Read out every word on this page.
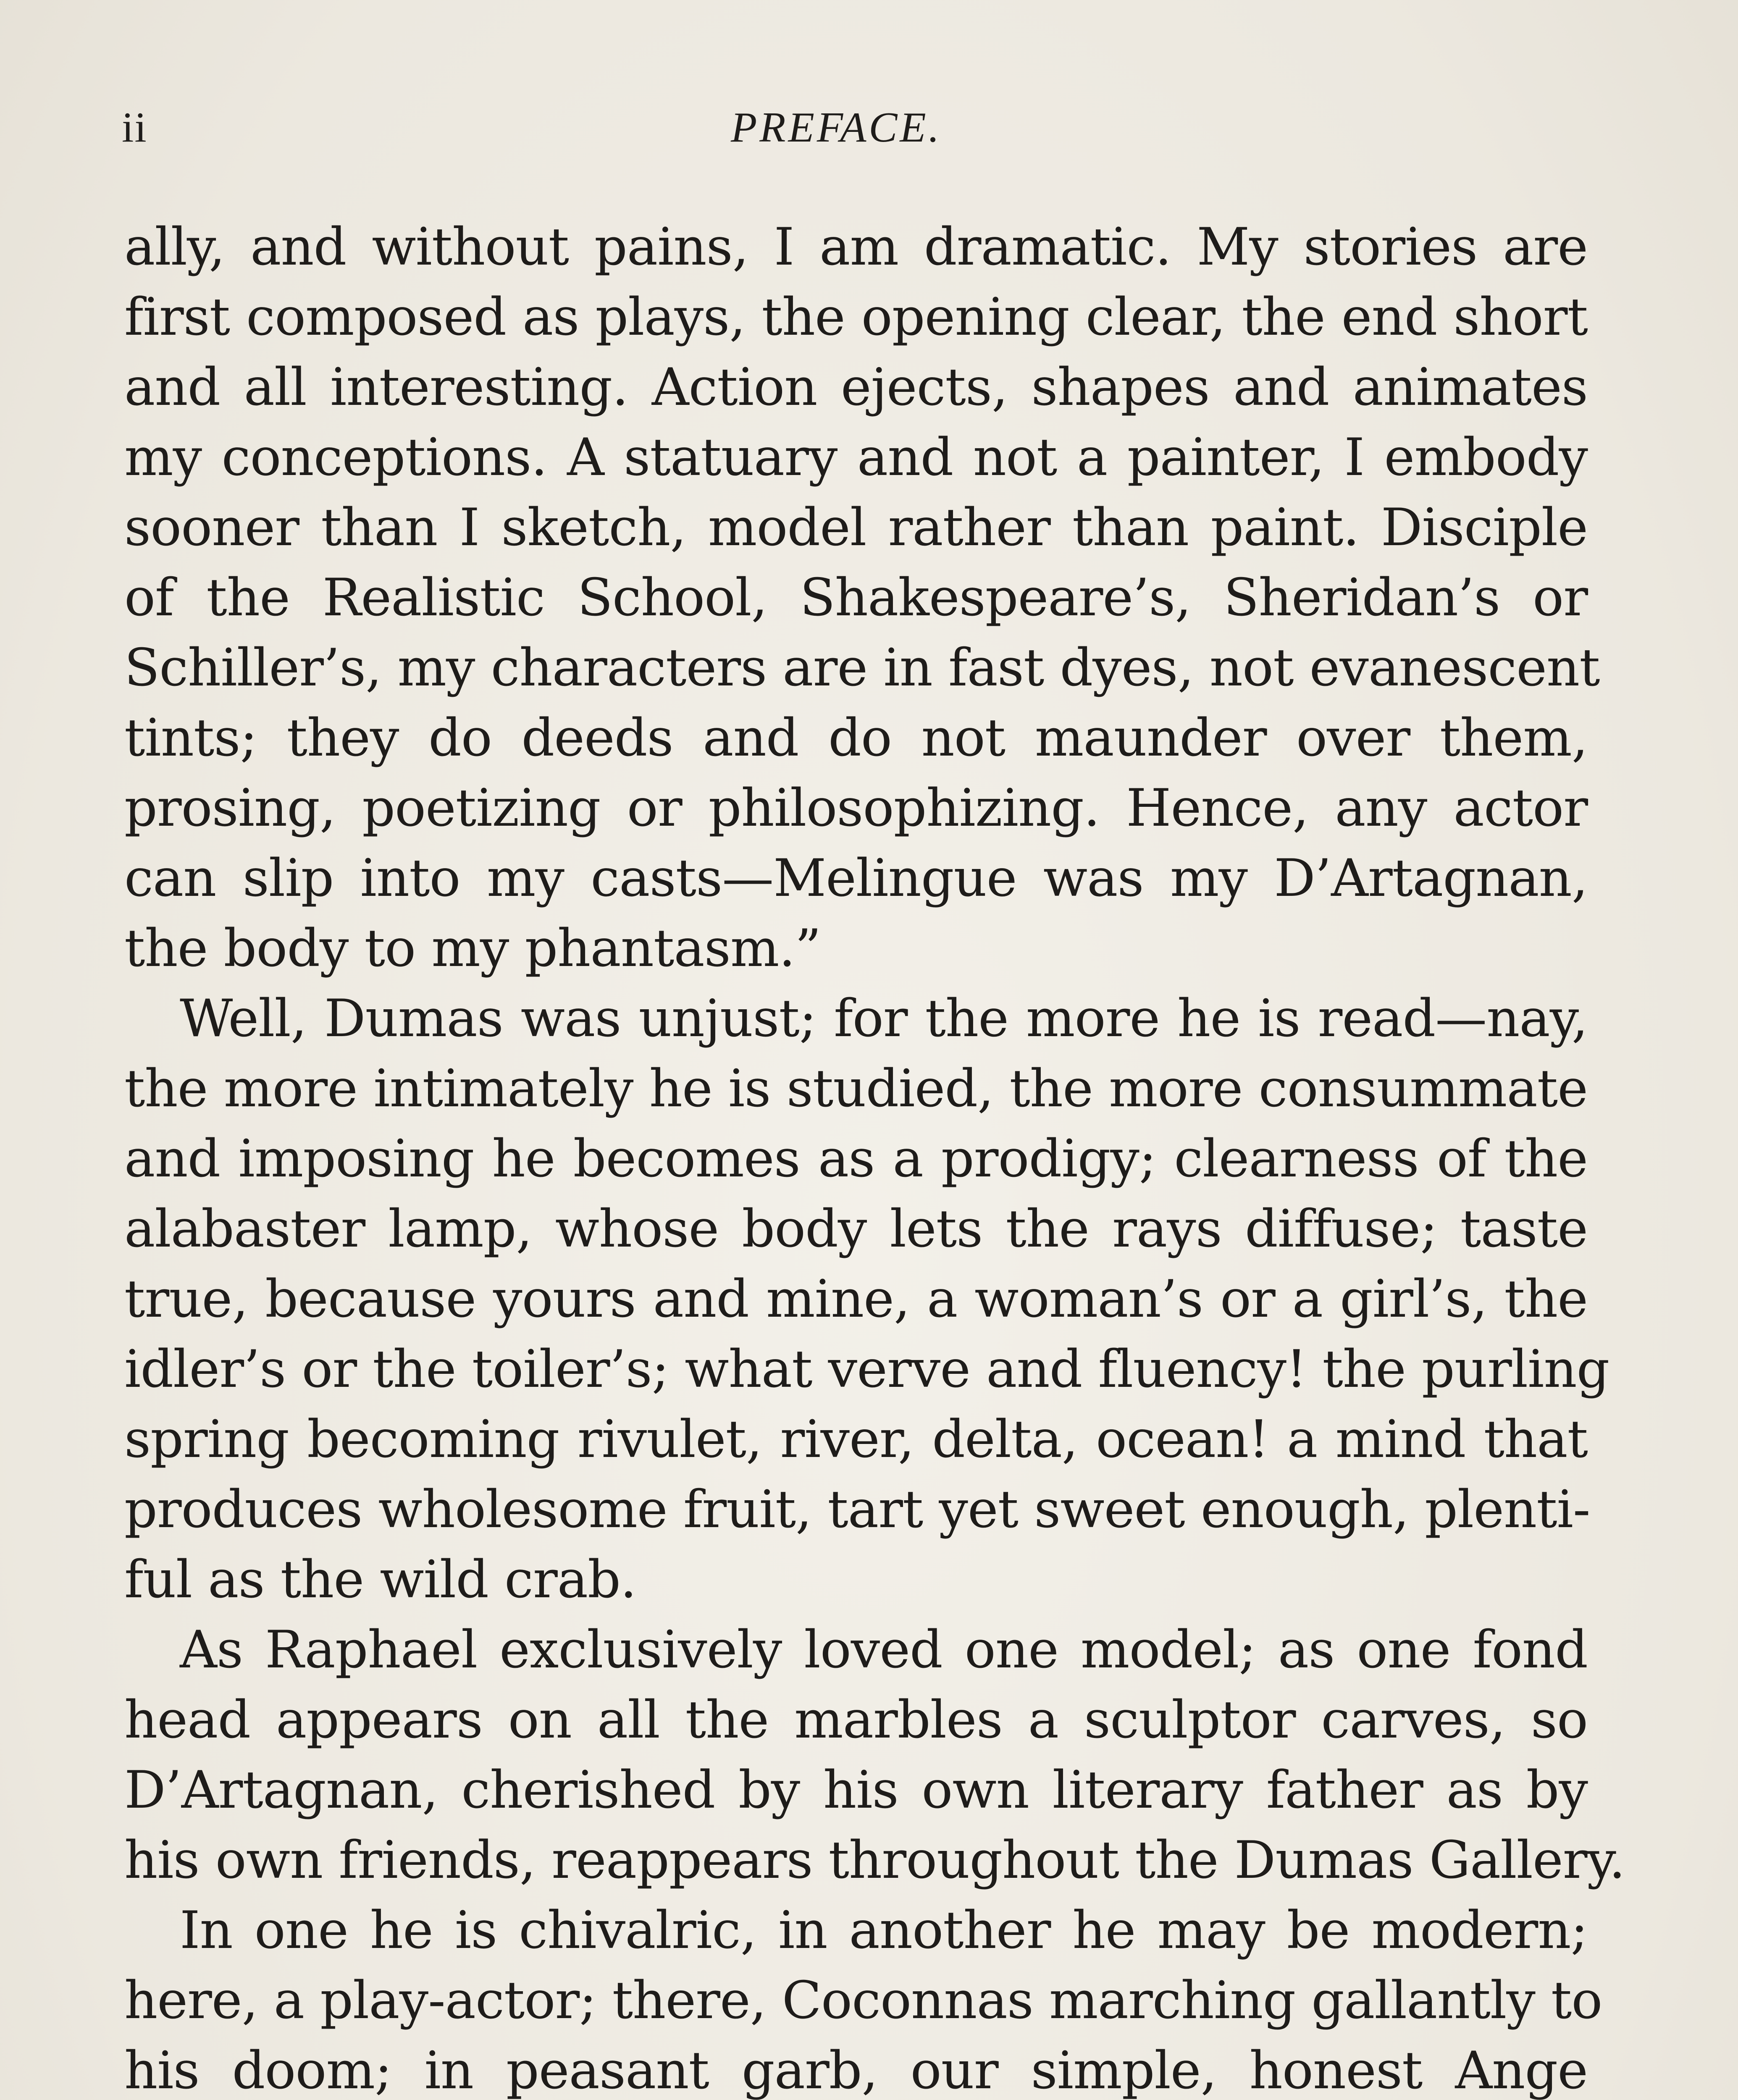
ii	PREFACE.

ally, and without pains, I am dramatic. My stories are
first composed as plays, the opening clear, the end short
and all interesting. Action ejects, shapes and animates
my conceptions. A statuary and not a painter, I embody
sooner than I sketch, model rather than paint. Disciple
of the Realistic School, Shakespeare’s, Sheridan’s or
Schiller’s, my characters are in fast dyes, not evanescent
tints; they do deeds and do not maunder over them,
prosing, poetizing or philosophizing. Hence, any actor
can slip into my casts—Melingue was my D’Artagnan,
the body to my phantasm.”

Well, Dumas was unjust; for the more he is read—nay,
the more intimately he is studied, the more consummate
and imposing he becomes as a prodigy; clearness of the
alabaster lamp, whose body lets the rays diffuse; taste
true, because yours and mine, a woman’s or a girl’s, the
idler’s or the toiler’s; what verve and fluency! the purling
spring becoming rivulet, river, delta, ocean! a mind that
produces wholesome fruit, tart yet sweet enough, plenti-
ful as the wild crab.

As Raphael exclusively loved one model; as one fond
head appears on all the marbles a sculptor carves, so
D’Artagnan, cherished by his own literary father as by
his own friends, reappears throughout the Dumas Gallery.

In one he is chivalric, in another he may be modern;
here, a play-actor; there, Coconnas marching gallantly to
his doom; in peasant garb, our simple, honest Ange
